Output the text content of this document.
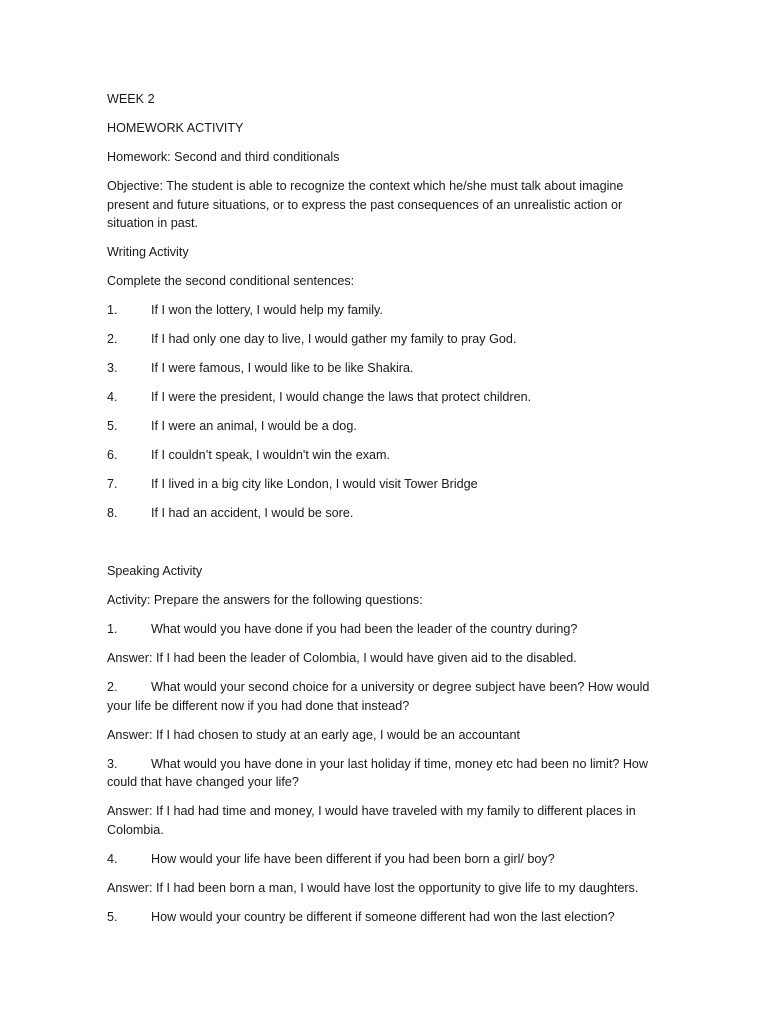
WEEK 2

HOMEWORK ACTIVITY

Homework: Second and third conditionals

Objective: The student is able to recognize the context which he/she must talk about imagine present and future situations, or to express the past consequences of an unrealistic action or situation in past.

Writing Activity

Complete the second conditional sentences:

1.	If I won the lottery, I would help my family.
2.	If I had only one day to live, I would gather my family to pray God.
3.	If I were famous, I would like to be like Shakira.
4.	If I were the president, I would change the laws that protect children.
5.	If I were an animal, I would be a dog.
6.	If I couldn’t speak, I wouldn't win the exam.
7.	If I lived in a big city like London, I would visit Tower Bridge
8.	If I had an accident, I would be sore.

Speaking Activity

Activity: Prepare the answers for the following questions:

1.	What would you have done if you had been the leader of the country during?

Answer: If I had been the leader of Colombia, I would have given aid to the disabled.

2.	What would your second choice for a university or degree subject have been? How would your life be different now if you had done that instead?

Answer: If I had chosen to study at an early age, I would be an accountant

3.	What would you have done in your last holiday if time, money etc had been no limit? How could that have changed your life?

Answer: If I had had time and money, I would have traveled with my family to different places in Colombia.

4.	How would your life have been different if you had been born a girl/ boy?

Answer: If I had been born a man, I would have lost the opportunity to give life to my daughters.

5.	How would your country be different if someone different had won the last election?
